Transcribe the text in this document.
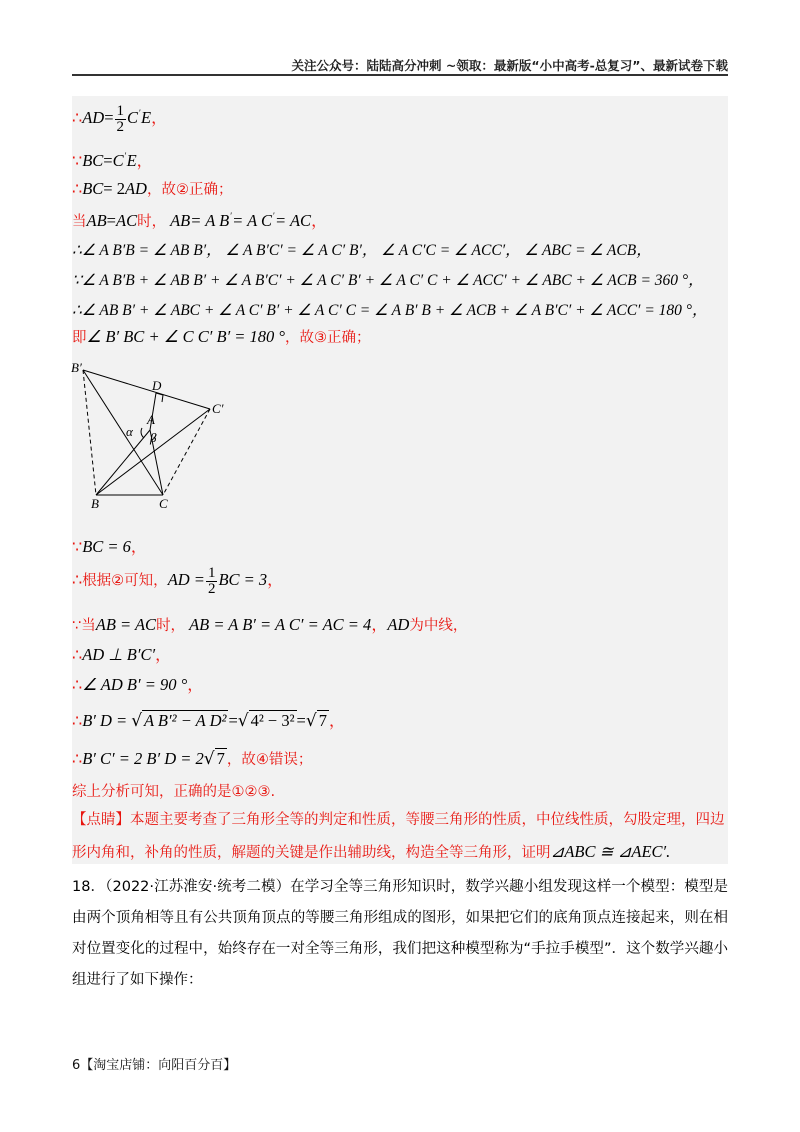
关注公众号：陆陆高分冲刺 ~领取：最新版“小中高考-总复习”、最新试卷下载
∴AD= $\frac{1}{2} C'E$，
∵BC=C′E，
∴BC= 2AD，故②正确；
当AB=AC时， AB= A B′= A C′= AC，
∴∠ A B′B = ∠ AB B′， ∠ A B′C′ = ∠ A C′ B′， ∠ A C′C = ∠ ACC′， ∠ ABC = ∠ ACB，
∵∠ A B′B + ∠ AB B′ + ∠ A B′C′ + ∠ A C′ B′ + ∠ A C′ C + ∠ ACC′ + ∠ ABC + ∠ ACB = 360 °，
∴∠ AB B′ + ∠ ABC + ∠ A C′ B′ + ∠ A C′ C = ∠ A B′ B + ∠ ACB + ∠ A B′C′ + ∠ ACC′ = 180 °，
即∠ B′ BC + ∠ C C′ B′ = 180 °，故③正确；
∵BC = 6，
∴根据②可知，AD = $\frac{1}{2}$ BC = 3，
∵当AB = AC时， AB = A B′ = A C′ = AC = 4，AD为中线，
∴AD ⊥ B′C′，
∴∠ AD B′ = 90 °，
∴B′ D = √ A B′² − A D² =√ 4² − 3² =√ 7 ，
∴B′ C′ = 2 B′ D = 2√ 7 ，故④错误；
综上分析可知，正确的是①②③.
【点睛】本题主要考查了三角形全等的判定和性质，等腰三角形的性质，中位线性质，勾股定理，四边形内角和，补角的性质，解题的关键是作出辅助线，构造全等三角形，证明⊿ABC ≅ ⊿AEC′.
B′
D
C′
A
α β
B	C
18．（2022·江苏淮安·统考二模）在学习全等三角形知识时，数学兴趣小组发现这样一个模型：模型是由两个顶角相等且有公共顶角顶点的等腰三角形组成的图形，如果把它们的底角顶点连接起来，则在相对位置变化的过程中，始终存在一对全等三角形，我们把这种模型称为“手拉手模型”．这个数学兴趣小组进行了如下操作：
6【淘宝店铺：向阳百分百】
